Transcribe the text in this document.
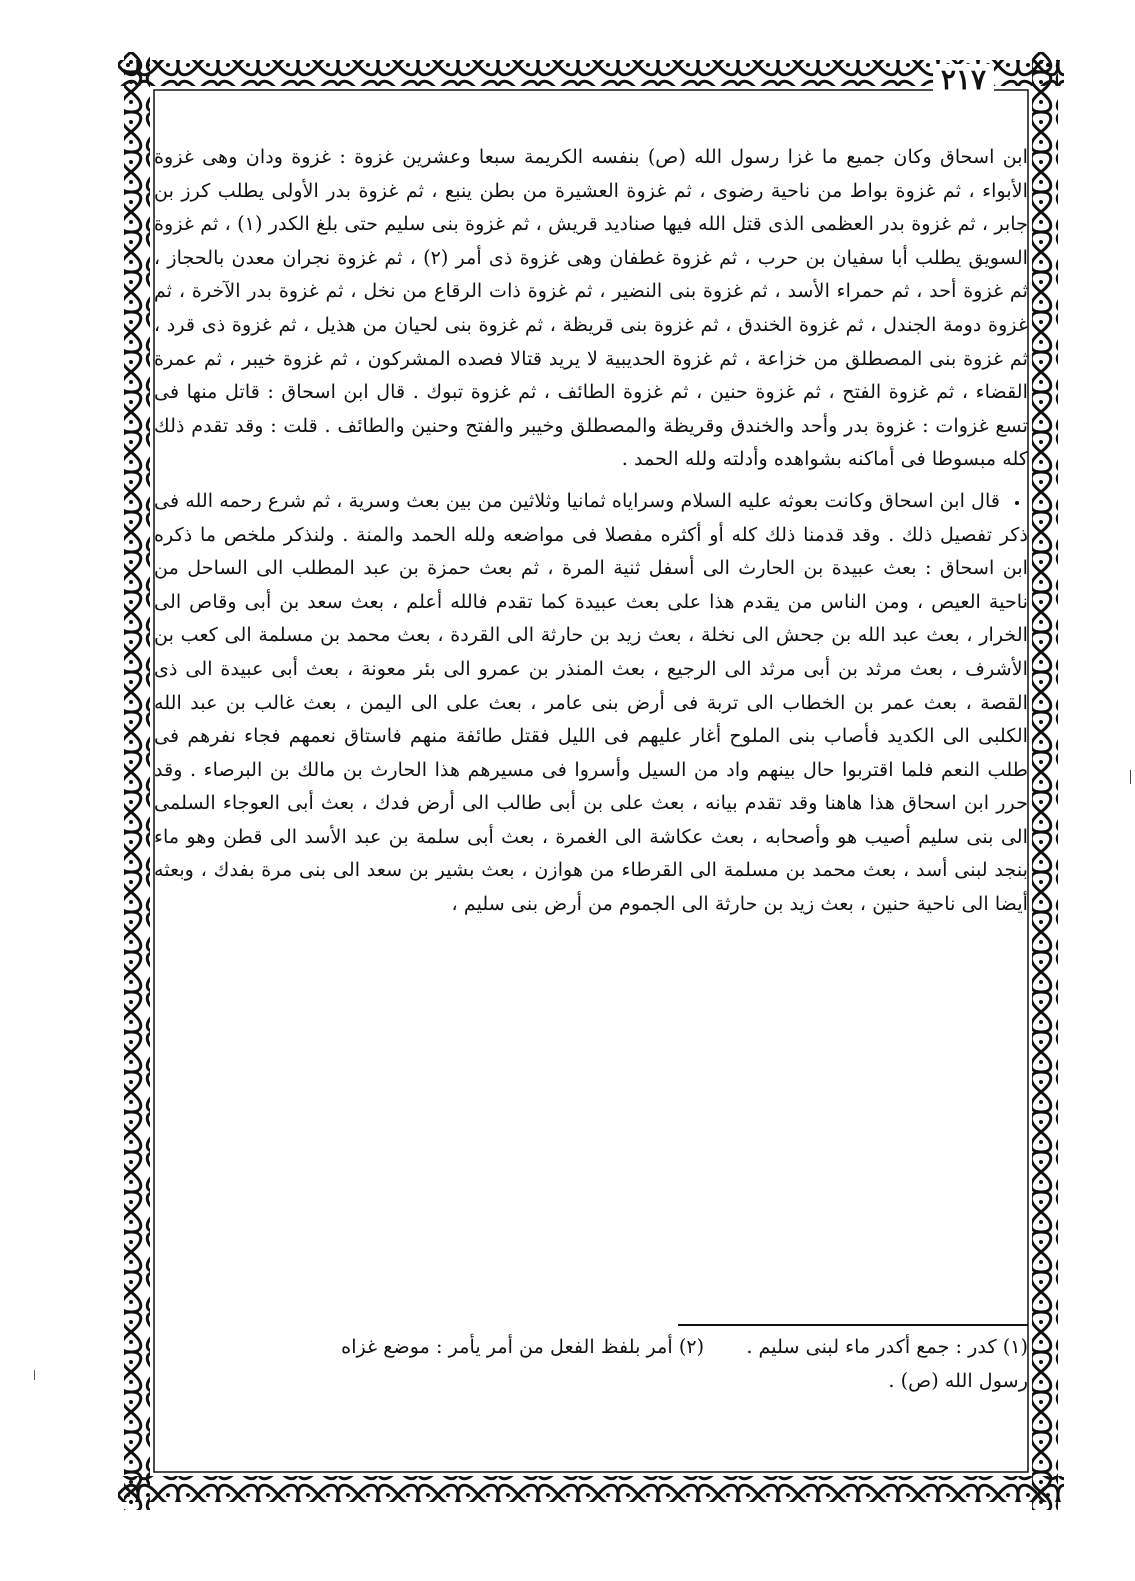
٢١٧

ابن اسحاق وكان جميع ما غزا رسول الله (ص) بنفسه الكريمة سبعا وعشرين غزوة : غزوة ودان وهى غزوة الأبواء ، ثم غزوة بواط من ناحية رضوى ، ثم غزوة العشيرة من بطن ينبع ، ثم غزوة بدر الأولى يطلب كرز بن جابر ، ثم غزوة بدر العظمى الذى قتل الله فيها صناديد قريش ، ثم غزوة بنى سليم حتى بلغ الكدر (١) ، ثم غزوة السويق يطلب أبا سفيان بن حرب ، ثم غزوة غطفان وهى غزوة ذى أمر (٢) ، ثم غزوة نجران معدن بالحجاز ، ثم غزوة أحد ، ثم حمراء الأسد ، ثم غزوة بنى النضير ، ثم غزوة ذات الرقاع من نخل ، ثم غزوة بدر الآخرة ، ثم غزوة دومة الجندل ، ثم غزوة الخندق ، ثم غزوة بنى قريظة ، ثم غزوة بنى لحيان من هذيل ، ثم غزوة ذى قرد ، ثم غزوة بنى المصطلق من خزاعة ، ثم غزوة الحديبية لا يريد قتالا فصده المشركون ، ثم غزوة خيبر ، ثم عمرة القضاء ، ثم غزوة الفتح ، ثم غزوة حنين ، ثم غزوة الطائف ، ثم غزوة تبوك . قال ابن اسحاق : قاتل منها فى تسع غزوات : غزوة بدر وأحد والخندق وقريظة والمصطلق وخيبر والفتح وحنين والطائف . قلت : وقد تقدم ذلك كله مبسوطا فى أماكنه بشواهده وأدلته ولله الحمد .

قال ابن اسحاق وكانت بعوثه عليه السلام وسراياه ثمانيا وثلاثين من بين بعث وسرية ، ثم شرع رحمه الله فى ذكر تفصيل ذلك . وقد قدمنا ذلك كله أو أكثره مفصلا فى مواضعه ولله الحمد والمنة . ولنذكر ملخص ما ذكره ابن اسحاق : بعث عبيدة بن الحارث الى أسفل ثنية المرة ، ثم بعث حمزة بن عبد المطلب الى الساحل من ناحية العيص ، ومن الناس من يقدم هذا على بعث عبيدة كما تقدم فالله أعلم ، بعث سعد بن أبى وقاص الى الخرار ، بعث عبد الله بن جحش الى نخلة ، بعث زيد بن حارثة الى القردة ، بعث محمد بن مسلمة الى كعب بن الأشرف ، بعث مرثد بن أبى مرثد الى الرجيع ، بعث المنذر بن عمرو الى بئر معونة ، بعث أبى عبيدة الى ذى القصة ، بعث عمر بن الخطاب الى تربة فى أرض بنى عامر ، بعث على الى اليمن ، بعث غالب بن عبد الله الكلبى الى الكديد فأصاب بنى الملوح أغار عليهم فى الليل فقتل طائفة منهم فاستاق نعمهم فجاء نفرهم فى طلب النعم فلما اقتربوا حال بينهم واد من السيل وأسروا فى مسيرهم هذا الحارث بن مالك بن البرصاء . وقد حرر ابن اسحاق هذا هاهنا وقد تقدم بيانه ، بعث على بن أبى طالب الى أرض فدك ، بعث أبى العوجاء السلمى الى بنى سليم أصيب هو وأصحابه ، بعث عكاشة الى الغمرة ، بعث أبى سلمة بن عبد الأسد الى قطن وهو ماء بنجد لبنى أسد ، بعث محمد بن مسلمة الى القرطاء من هوازن ، بعث بشير بن سعد الى بنى مرة بفدك ، وبعثه أيضا الى ناحية حنين ، بعث زيد بن حارثة الى الجموم من أرض بنى سليم ،

(١) كدر : جمع أكدر ماء لبنى سليم .  (٢) أمر بلفظ الفعل من أمر يأمر : موضع غزاه

رسول الله (ص) .
